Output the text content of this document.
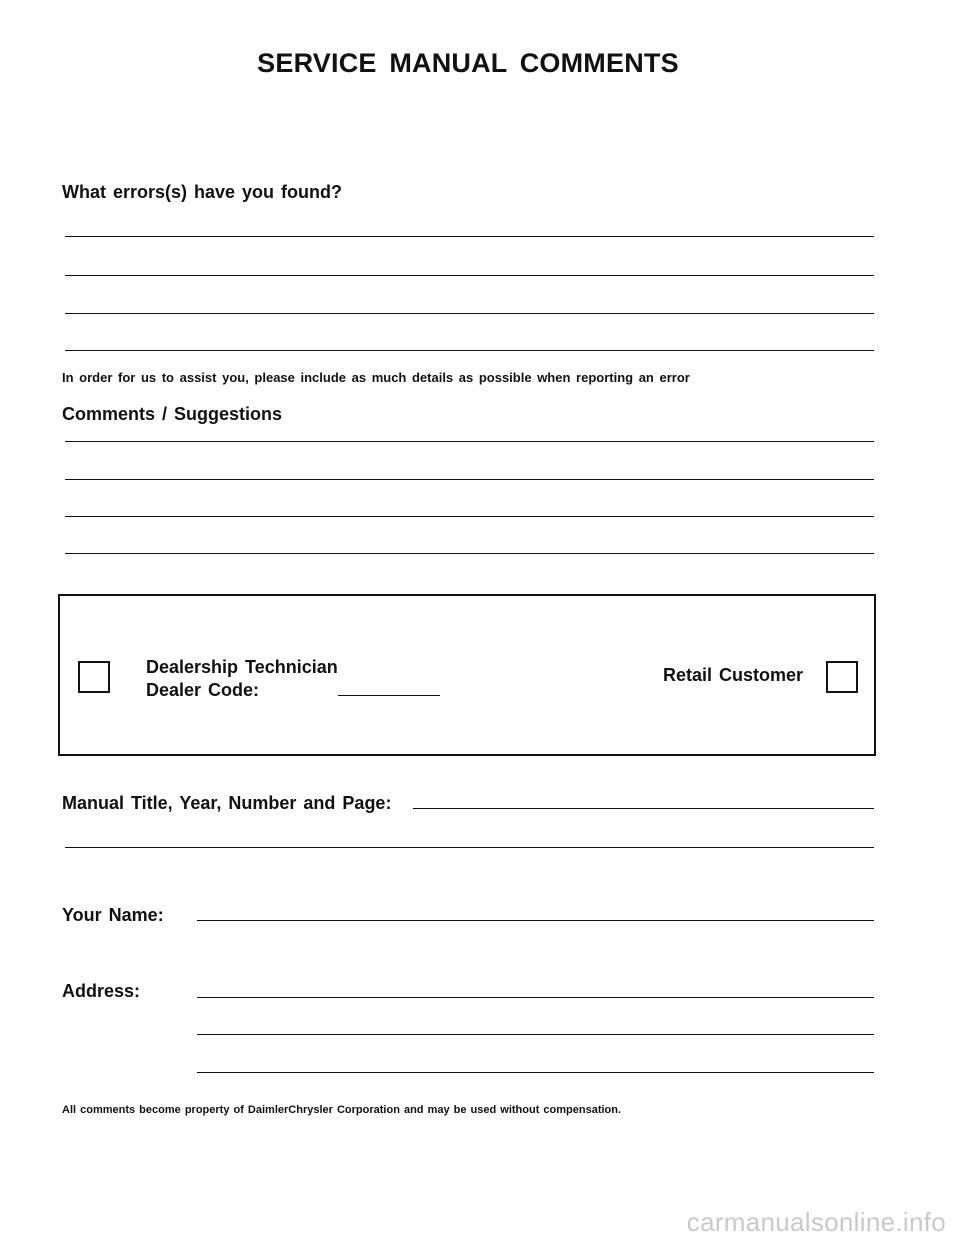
SERVICE MANUAL COMMENTS
What errors(s) have you found?
In order for us to assist you, please include as much details as possible when reporting an error
Comments / Suggestions
Dealership Technician
Dealer Code:
Retail Customer
Manual Title, Year, Number and Page:
Your Name:
Address:
All comments become property of DaimlerChrysler Corporation and may be used without compensation.
carmanualsonline.info
